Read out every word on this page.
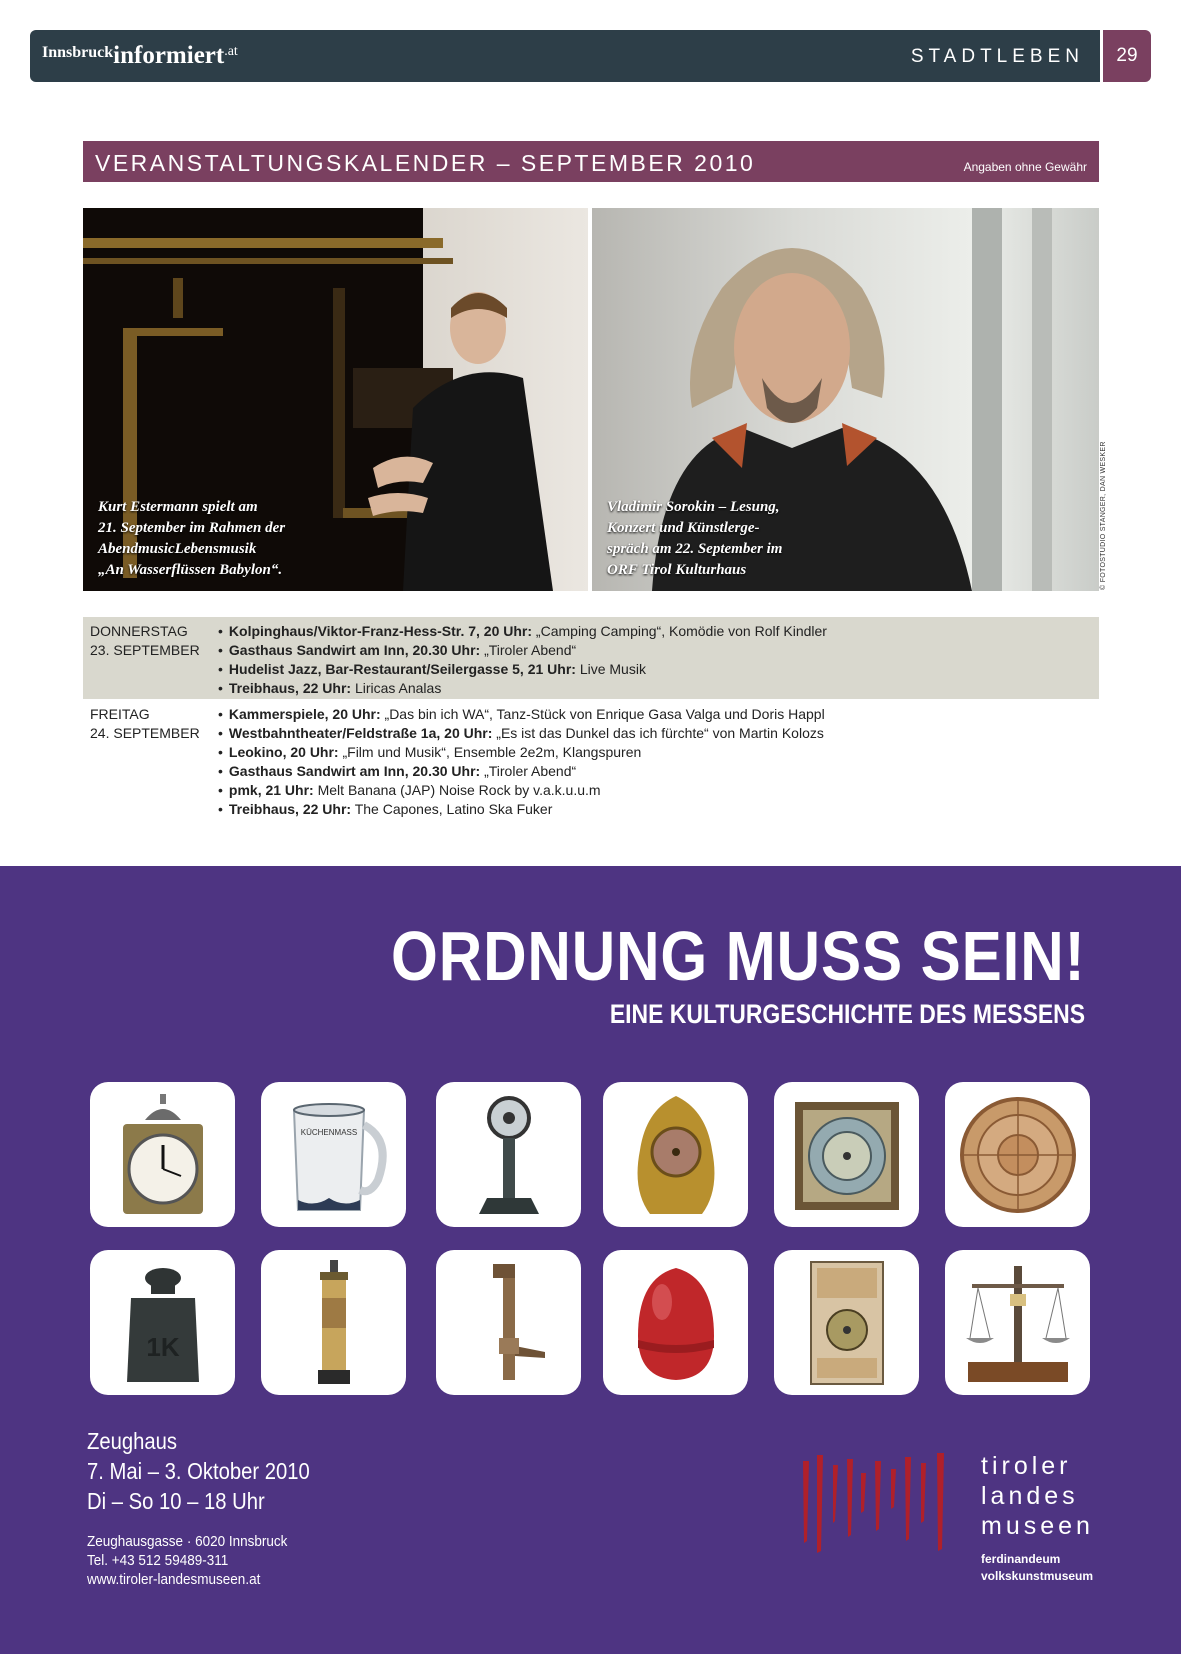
Innsbruckinformiert.at	STADTLEBEN	29
VERANSTALTUNGSKALENDER – SEPTEMBER 2010	Angaben ohne Gewähr
Kurt Estermann spielt am
21. September im Rahmen der
AbendmusicLebensmusik
„An Wasserflüssen Babylon“.
Vladimir Sorokin – Lesung,
Konzert und Künstlerge-
spräch am 22. September im
ORF Tirol Kulturhaus	© FOTOSTUDIO STANGER, DAN WESKER
DONNERSTAG
23. SEPTEMBER
• Kolpinghaus/Viktor-Franz-Hess-Str. 7, 20 Uhr: „Camping Camping“, Komödie von Rolf Kindler
• Gasthaus Sandwirt am Inn, 20.30 Uhr: „Tiroler Abend“
• Hudelist Jazz, Bar-Restaurant/Seilergasse 5, 21 Uhr: Live Musik
• Treibhaus, 22 Uhr: Liricas Analas
FREITAG
24. SEPTEMBER
• Kammerspiele, 20 Uhr: „Das bin ich WA“, Tanz-Stück von Enrique Gasa Valga und Doris Happl
• Westbahntheater/Feldstraße 1a, 20 Uhr: „Es ist das Dunkel das ich fürchte“ von Martin Kolozs
• Leokino, 20 Uhr: „Film und Musik“, Ensemble 2e2m, Klangspuren
• Gasthaus Sandwirt am Inn, 20.30 Uhr: „Tiroler Abend“
• pmk, 21 Uhr: Melt Banana (JAP) Noise Rock by v.a.k.u.u.m
• Treibhaus, 22 Uhr: The Capones, Latino Ska Fuker
ORDNUNG MUSS SEIN!
EINE KULTURGESCHICHTE DES MESSENS
KÜCHENMASS
1K
Zeughaus
7. Mai – 3. Oktober 2010
Di – So 10 – 18 Uhr
Zeughausgasse · 6020 Innsbruck
Tel. +43 512 59489-311
www.tiroler-landesmuseen.at
tiroler
landes
museen
ferdinandeum
volkskunstmuseum
